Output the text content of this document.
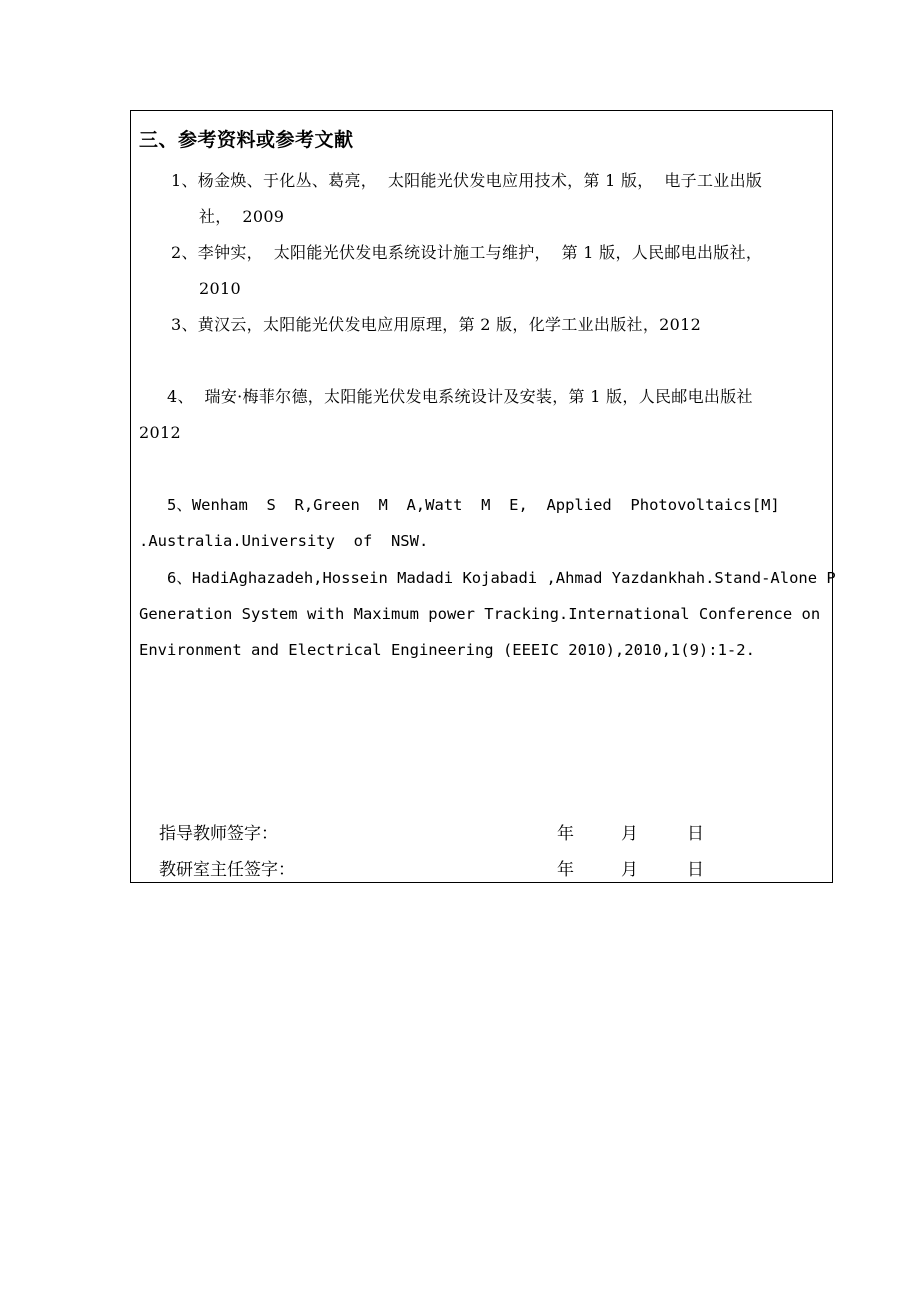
三、参考资料或参考文献
1、杨金焕、于化丛、葛亮，  太阳能光伏发电应用技术，第 1 版，  电子工业出版
社，  2009
2、李钟实，  太阳能光伏发电系统设计施工与维护，  第 1 版，人民邮电出版社，
2010
3、黄汉云，太阳能光伏发电应用原理，第 2 版，化学工业出版社，2012
4、  瑞安·梅菲尔德，太阳能光伏发电系统设计及安装，第 1 版，人民邮电出版社
2012
5、Wenham  S  R,Green  M  A,Watt  M  E,  Applied  Photovoltaics[M]
.Australia.University  of  NSW.
6、HadiAghazadeh,Hossein Madadi Kojabadi ,Ahmad Yazdankhah.Stand-Alone P
Generation System with Maximum power Tracking.International Conference on
Environment and Electrical Engineering (EEEIC 2010),2010,1(9):1-2.
指导教师签字：	年	月	日
教研室主任签字：	年	月	日
